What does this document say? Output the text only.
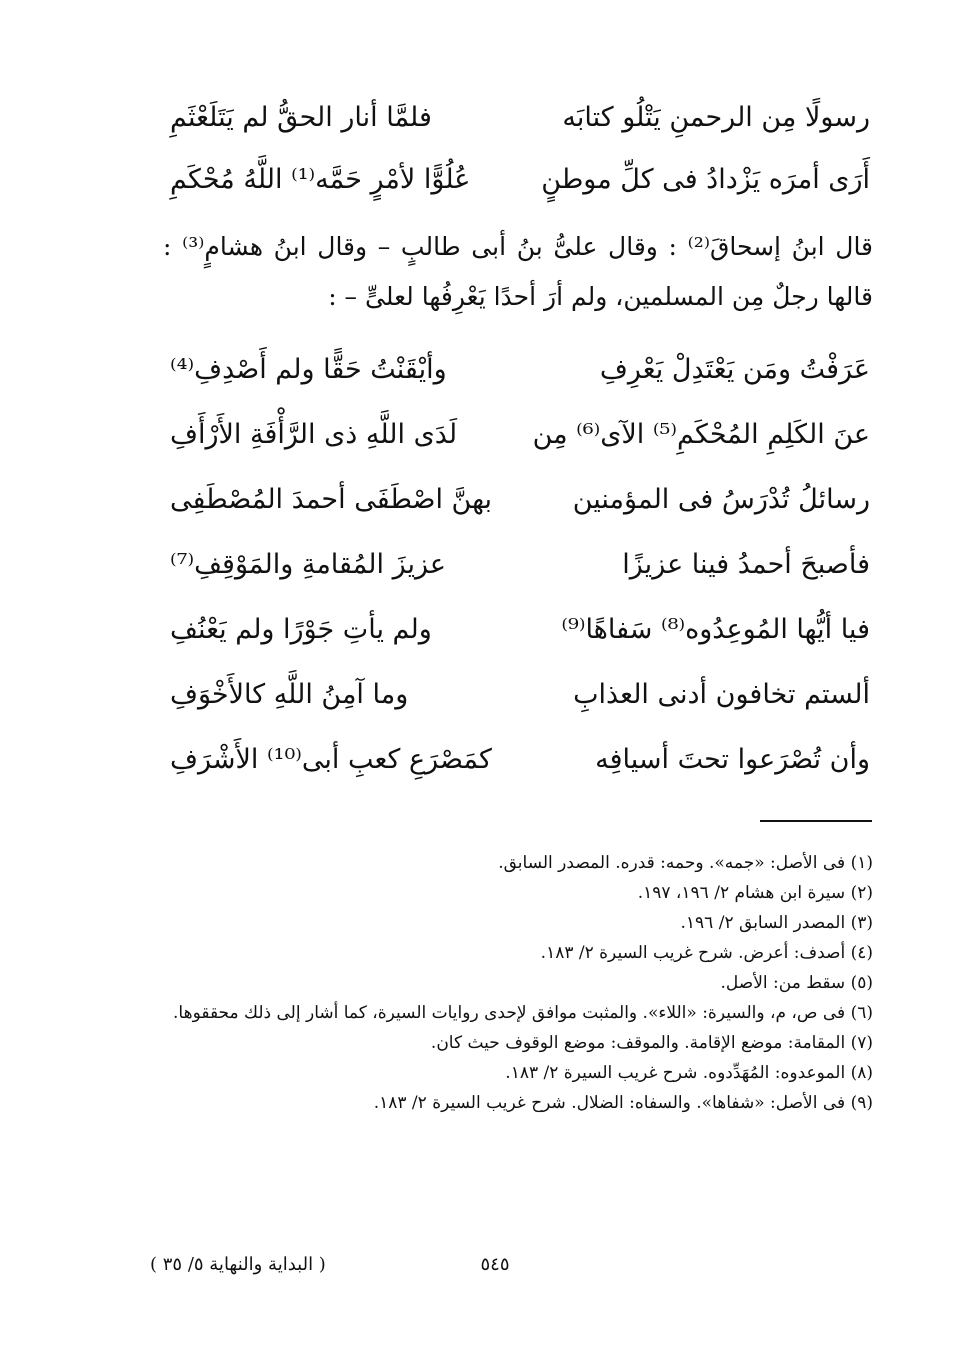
رسولًا مِن الرحمنِ يَتْلُو كتابَه
فلمَّا أنار الحقُّ لم يَتَلَعْثَمِ
أَرَى أمرَه يَزْدادُ فى كلِّ موطنٍ
عُلُوًّا لأمْرٍ حَمَّه⁽¹⁾ اللَّهُ مُحْكَمِ
قال ابنُ إسحاقَ⁽²⁾ : وقال علىُّ بنُ أبى طالبٍ – وقال ابنُ هشامٍ⁽³⁾ : قالها رجلٌ مِن المسلمين، ولم أرَ أحدًا يَعْرِفُها لعلىٍّ – :
عَرَفْتُ ومَن يَعْتَدِلْ يَعْرِفِ
وأيْقَنْتُ حَقًّا ولم أَصْدِفِ⁽⁴⁾
عنَ الكَلِمِ المُحْكَمِ⁽⁵⁾ الآى⁽⁶⁾ مِن
لَدَى اللَّهِ ذى الرَّأْفَةِ الأَرْأَفِ
رسائلُ تُدْرَسُ فى المؤمنين
بهنَّ اصْطَفَى أحمدَ المُصْطَفِى
فأصبحَ أحمدُ فينا عزيزًا
عزيزَ المُقامةِ والمَوْقِفِ⁽⁷⁾
فيا أيُّها المُوعِدُوه⁽⁸⁾ سَفاهًا⁽⁹⁾
ولم يأتِ جَوْرًا ولم يَعْنُفِ
ألستم تخافون أدنى العذابِ
وما آمِنُ اللَّهِ كالأَخْوَفِ
وأن تُصْرَعوا تحتَ أسيافِه
كمَصْرَعِ كعبِ أبى⁽¹⁰⁾ الأَشْرَفِ

(١) فى الأصل: «جمه». وحمه: قدره. المصدر السابق.

(٢) سيرة ابن هشام ٢/ ١٩٦، ١٩٧.

(٣) المصدر السابق ٢/ ١٩٦.

(٤) أصدف: أعرض. شرح غريب السيرة ٢/ ١٨٣.

(٥) سقط من: الأصل.

(٦) فى ص، م، والسيرة: «اللاء». والمثبت موافق لإحدى روايات السيرة، كما أشار إلى ذلك محققوها.

(٧) المقامة: موضع الإقامة. والموقف: موضع الوقوف حيث كان.

(٨) الموعدوه: المُهَدِّدوه. شرح غريب السيرة ٢/ ١٨٣.

(٩) فى الأصل: «شفاها». والسفاه: الضلال. شرح غريب السيرة ٢/ ١٨٣.

٥٤٥
( البداية والنهاية ٥/ ٣٥ )
